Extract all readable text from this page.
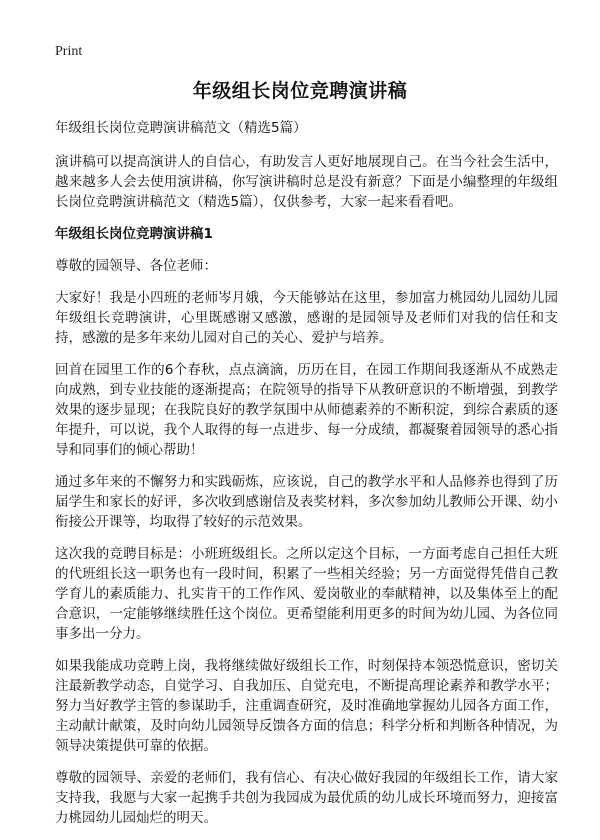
Print
年级组长岗位竞聘演讲稿

年级组长岗位竞聘演讲稿范文（精选5篇）

演讲稿可以提高演讲人的自信心，有助发言人更好地展现自己。在当今社会生活中，越来越多人会去使用演讲稿，你写演讲稿时总是没有新意？下面是小编整理的年级组长岗位竞聘演讲稿范文（精选5篇），仅供参考，大家一起来看看吧。

年级组长岗位竞聘演讲稿1

尊敬的园领导、各位老师：

大家好！我是小四班的老师岑月娥，今天能够站在这里，参加富力桃园幼儿园幼儿园年级组长竞聘演讲，心里既感谢又感激，感谢的是园领导及老师们对我的信任和支持，感激的是多年来幼儿园对自己的关心、爱护与培养。

回首在园里工作的6个春秋，点点滴滴，历历在目，在园工作期间我逐渐从不成熟走向成熟，到专业技能的逐渐提高；在院领导的指导下从教研意识的不断增强，到教学效果的逐步显现；在我院良好的教学氛围中从师德素养的不断积淀，到综合素质的逐年提升，可以说，我个人取得的每一点进步、每一分成绩，都凝聚着园领导的悉心指导和同事们的倾心帮助！

通过多年来的不懈努力和实践砺炼，应该说，自己的教学水平和人品修养也得到了历届学生和家长的好评，多次收到感谢信及表奖材料，多次参加幼儿教师公开课、幼小衔接公开课等，均取得了较好的示范效果。

这次我的竞聘目标是：小班班级组长。之所以定这个目标，一方面考虑自己担任大班的代班组长这一职务也有一段时间，积累了一些相关经验；另一方面觉得凭借自己教学育儿的素质能力、扎实肯干的工作作风、爱岗敬业的奉献精神，以及集体至上的配合意识，一定能够继续胜任这个岗位。更希望能利用更多的时间为幼儿园、为各位同事多出一分力。

如果我能成功竞聘上岗，我将继续做好级组长工作，时刻保持本领恐慌意识，密切关注最新教学动态，自觉学习、自我加压、自觉充电，不断提高理论素养和教学水平；努力当好教学主管的参谋助手，注重调查研究，及时准确地掌握幼儿园各方面工作，主动献计献策，及时向幼儿园领导反馈各方面的信息；科学分析和判断各种情况，为领导决策提供可靠的依据。

尊敬的园领导、亲爱的老师们，我有信心、有决心做好我园的年级组长工作，请大家支持我，我愿与大家一起携手共创为我园成为最优质的幼儿成长环境而努力，迎接富力桃园幼儿园灿烂的明天。
